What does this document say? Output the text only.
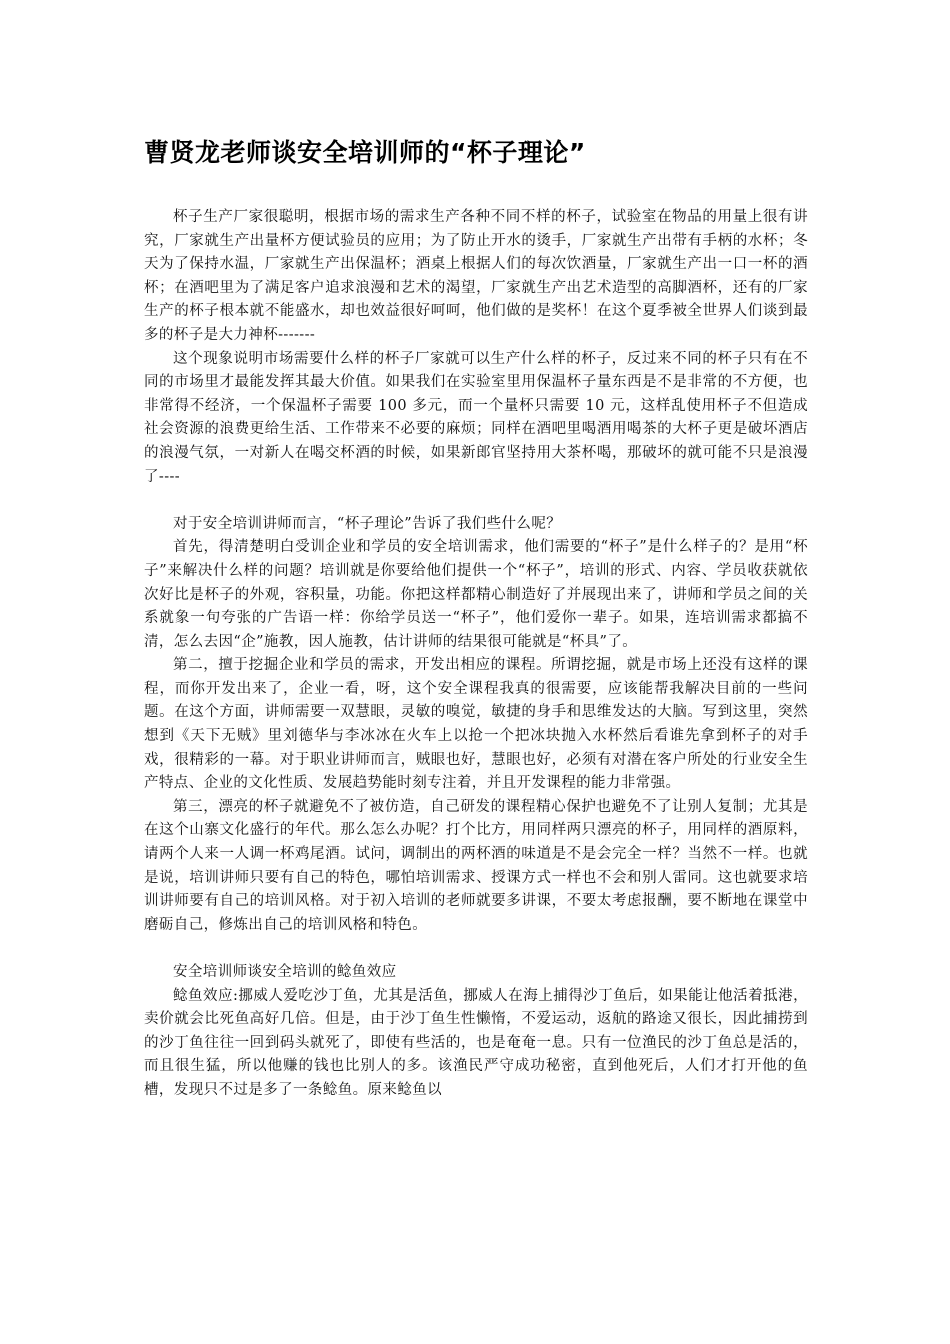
曹贤龙老师谈安全培训师的“杯子理论”

杯子生产厂家很聪明，根据市场的需求生产各种不同不样的杯子，试验室在物品的用量上很有讲究，厂家就生产出量杯方便试验员的应用；为了防止开水的烫手，厂家就生产出带有手柄的水杯；冬天为了保持水温，厂家就生产出保温杯；酒桌上根据人们的每次饮酒量，厂家就生产出一口一杯的酒杯；在酒吧里为了满足客户追求浪漫和艺术的渴望，厂家就生产出艺术造型的高脚酒杯，还有的厂家生产的杯子根本就不能盛水，却也效益很好呵呵，他们做的是奖杯！在这个夏季被全世界人们谈到最多的杯子是大力神杯-------

这个现象说明市场需要什么样的杯子厂家就可以生产什么样的杯子，反过来不同的杯子只有在不同的市场里才最能发挥其最大价值。如果我们在实验室里用保温杯子量东西是不是非常的不方便，也非常得不经济，一个保温杯子需要 100 多元，而一个量杯只需要 10 元，这样乱使用杯子不但造成社会资源的浪费更给生活、工作带来不必要的麻烦；同样在酒吧里喝酒用喝茶的大杯子更是破坏酒店的浪漫气氛，一对新人在喝交杯酒的时候，如果新郎官坚持用大茶杯喝，那破坏的就可能不只是浪漫了----

对于安全培训讲师而言，“杯子理论”告诉了我们些什么呢？

首先，得清楚明白受训企业和学员的安全培训需求，他们需要的“杯子”是什么样子的？是用“杯子”来解决什么样的问题？培训就是你要给他们提供一个“杯子”，培训的形式、内容、学员收获就依次好比是杯子的外观，容积量，功能。你把这样都精心制造好了并展现出来了，讲师和学员之间的关系就象一句夸张的广告语一样：你给学员送一“杯子”，他们爱你一辈子。如果，连培训需求都搞不清，怎么去因“企”施教，因人施教，估计讲师的结果很可能就是“杯具”了。

第二，擅于挖掘企业和学员的需求，开发出相应的课程。所谓挖掘，就是市场上还没有这样的课程，而你开发出来了，企业一看，呀，这个安全课程我真的很需要，应该能帮我解决目前的一些问题。在这个方面，讲师需要一双慧眼，灵敏的嗅觉，敏捷的身手和思维发达的大脑。写到这里，突然想到《天下无贼》里刘德华与李冰冰在火车上以抢一个把冰块抛入水杯然后看谁先拿到杯子的对手戏，很精彩的一幕。对于职业讲师而言，贼眼也好，慧眼也好，必须有对潜在客户所处的行业安全生产特点、企业的文化性质、发展趋势能时刻专注着，并且开发课程的能力非常强。

第三，漂亮的杯子就避免不了被仿造，自己研发的课程精心保护也避免不了让别人复制；尤其是在这个山寨文化盛行的年代。那么怎么办呢？打个比方，用同样两只漂亮的杯子，用同样的酒原料，请两个人来一人调一杯鸡尾酒。试问，调制出的两杯酒的味道是不是会完全一样？当然不一样。也就是说，培训讲师只要有自己的特色，哪怕培训需求、授课方式一样也不会和别人雷同。这也就要求培训讲师要有自己的培训风格。对于初入培训的老师就要多讲课，不要太考虑报酬，要不断地在课堂中磨砺自己，修炼出自己的培训风格和特色。

安全培训师谈安全培训的鲶鱼效应

鲶鱼效应:挪威人爱吃沙丁鱼，尤其是活鱼，挪威人在海上捕得沙丁鱼后，如果能让他活着抵港，卖价就会比死鱼高好几倍。但是，由于沙丁鱼生性懒惰，不爱运动，返航的路途又很长，因此捕捞到的沙丁鱼往往一回到码头就死了，即使有些活的，也是奄奄一息。只有一位渔民的沙丁鱼总是活的，而且很生猛，所以他赚的钱也比别人的多。该渔民严守成功秘密，直到他死后，人们才打开他的鱼槽，发现只不过是多了一条鲶鱼。原来鲶鱼以
